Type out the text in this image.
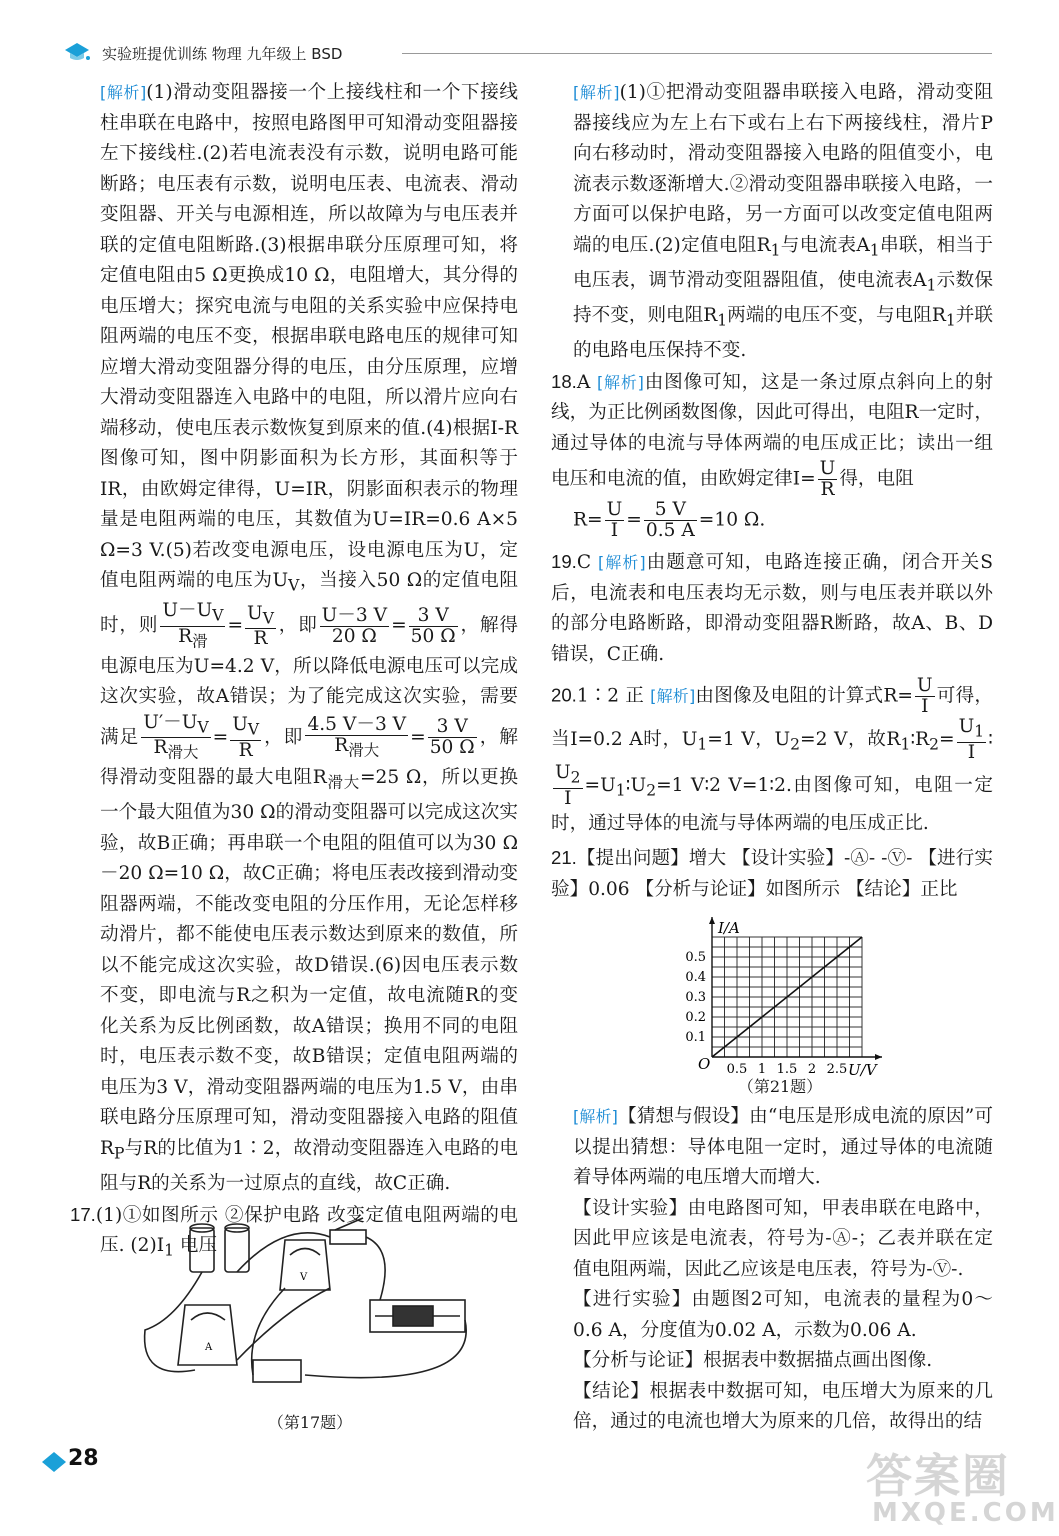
实验班提优训练 物理 九年级上 BSD

[解析](1)滑动变阻器接一个上接线柱和一个下接线柱串联在电路中，按照电路图甲可知滑动变阻器接左下接线柱.(2)若电流表没有示数，说明电路可能断路；电压表有示数，说明电压表、电流表、滑动变阻器、开关与电源相连，所以故障为与电压表并联的定值电阻断路.(3)根据串联分压原理可知，将定值电阻由5 Ω更换成10 Ω，电阻增大，其分得的电压增大；探究电流与电阻的关系实验中应保持电阻两端的电压不变，根据串联电路电压的规律可知应增大滑动变阻器分得的电压，由分压原理，应增大滑动变阻器连入电路中的电阻，所以滑片应向右端移动，使电压表示数恢复到原来的值.(4)根据I-R图像可知，图中阴影面积为长方形，其面积等于IR，由欧姆定律得，U=IR，阴影面积表示的物理量是电阻两端的电压，其数值为U=IR=0.6 A×5 Ω=3 V.(5)若改变电源电压，设电源电压为U，定值电阻两端的电压为$U_V$，当接入50 Ω的定值电阻时，则 $\frac{U-U_V}{R_滑} = \frac{U_V}{R}$ ，即 $\frac{U-3 V}{20 \Omega} = \frac{3 V}{50 \Omega}$ ，解得电源电压为U=4.2 V，所以降低电源电压可以完成这次实验，故A错误；为了能完成这次实验，需要满足 $\frac{U'-U_V}{R_{滑大}} = \frac{U_V}{R}$ ，即 $\frac{4.5 V-3 V}{R_{滑大}} = \frac{3 V}{50 \Omega}$ ，解得滑动变阻器的最大电阻$R_{滑大}=25$ Ω，所以更换一个最大阻值为30 Ω的滑动变阻器可以完成这次实验，故B正确；再串联一个电阻的阻值可以为30 Ω－20 Ω=10 Ω，故C正确；将电压表改接到滑动变阻器两端，不能改变电阻的分压作用，无论怎样移动滑片，都不能使电压表示数达到原来的数值，所以不能完成这次实验，故D错误.(6)因电压表示数不变，即电流与R之积为一定值，故电流随R的变化关系为反比例函数，故A错误；换用不同的电阻时，电压表示数不变，故B错误；定值电阻两端的电压为3 V，滑动变阻器两端的电压为1.5 V，由串联电路分压原理可知，滑动变阻器接入电路的阻值$R_P$与R的比值为1∶2，故滑动变阻器连入电路的电阻与R的关系为一过原点的直线，故C正确.

17.(1)①如图所示 ②保护电路 改变定值电阻两端的电压. $(2)I_1$ 电压

A
V
（第17题）

[解析](1)①把滑动变阻器串联接入电路，滑动变阻器接线应为左上右下或右上右下两接线柱，滑片P向右移动时，滑动变阻器接入电路的阻值变小，电流表示数逐渐增大.②滑动变阻器串联接入电路，一方面可以保护电路，另一方面可以改变定值电阻两端的电压.(2)定值电阻$R_1$与电流表$A_1$串联，相当于电压表，调节滑动变阻器阻值，使电流表$A_1$示数保持不变，则电阻$R_1$两端的电压不变，与电阻$R_1$并联的电路电压保持不变.

18.A [解析]由图像可知，这是一条过原点斜向上的射线，为正比例函数图像，因此可得出，电阻R一定时，通过导体的电流与导体两端的电压成正比；读出一组电压和电流的值，由欧姆定律$I= \frac{U}{R}$ 得，电阻

$R= \frac{U}{I} = \frac{5 V}{0.5 A} =10$ Ω.

19.C [解析]由题意可知，电路连接正确，闭合开关S后，电流表和电压表均无示数，则与电压表并联以外的部分电路断路，即滑动变阻器R断路，故A、B、D错误，C正确.

20.1∶2 正 [解析]由图像及电阻的计算式$R= \frac{U}{I}$ 可得，当I=0.2 A时，$U_1=1$ V，$U_2=2$ V，故$R_1∶R_2= \frac{U_1}{I}$ ∶
$\frac{U_2}{I}$ $=U_1∶U_2=1$ V∶2 V=1∶2.由图像可知，电阻一定时，通过导体的电流与导体两端的电压成正比.

21.【提出问题】增大 【设计实验】-Ⓐ- -Ⓥ- 【进行实验】0.06 【分析与论证】如图所示 【结论】正比

I/A
U/V
O 0.5 1 1.5 2 2.5
0.1
0.2
0.3
0.4
0.5
（第21题）

[解析]【猜想与假设】由“电压是形成电流的原因”可以提出猜想：导体电阻一定时，通过导体的电流随着导体两端的电压增大而增大.

【设计实验】由电路图可知，甲表串联在电路中，因此甲应该是电流表，符号为-Ⓐ-；乙表并联在定值电阻两端，因此乙应该是电压表，符号为-Ⓥ-.

【进行实验】由题图2可知，电流表的量程为0～0.6 A，分度值为0.02 A，示数为0.06 A.

【分析与论证】根据表中数据描点画出图像.

【结论】根据表中数据可知，电压增大为原来的几倍，通过的电流也增大为原来的几倍，故得出的结

28	答案圈
MXQE.COM
